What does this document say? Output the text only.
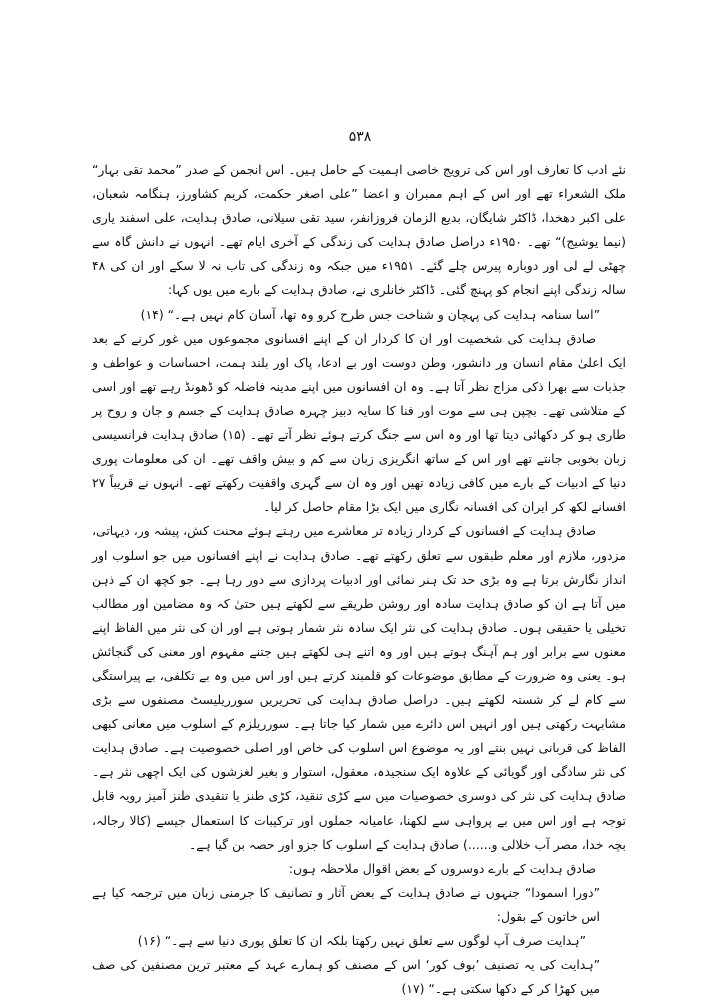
۵۳۸

نئے ادب کا تعارف اور اس کی ترویج خاصی اہمیت کے حامل ہیں۔ اس انجمن کے صدر ”محمد تقی بہار“ ملک الشعراء تھے اور اس کے اہم ممبران و اعضا ”علی اصغر حکمت، کریم کشاورز، ہنگامہ شعبان، علی اکبر دھخدا، ڈاکٹر شایگان، بدیع الزمان فروزانفر، سید تقی سیلانی، صادق ہدایت، علی اسفند یاری (نیما یوشیج)“ تھے۔ ۱۹۵۰ء دراصل صادق ہدایت کی زندگی کے آخری ایام تھے۔ انہوں نے دانش گاہ سے چھٹی لے لی اور دوبارہ پیرس چلے گئے۔ ۱۹۵۱ء میں جبکہ وہ زندگی کی تاب نہ لا سکے اور ان کی ۴۸ سالہ زندگی اپنے انجام کو پہنچ گئی۔ ڈاکٹر خانلری نے، صادق ہدایت کے بارے میں یوں کہا:

”اسا سنامہ ہدایت کی پہچان و شناخت جس طرح کرو وہ تھا، آسان کام نہیں ہے۔“ (۱۴)

صادق ہدایت کی شخصیت اور ان کا کردار ان کے اپنے افسانوی مجموعوں میں غور کرنے کے بعد ایک اعلیٰ مقام انسان ور دانشور، وطن دوست اور بے ادعا، پاک اور بلند ہمت، احساسات و عواطف و جذبات سے بھرا ذکی مزاج نظر آتا ہے۔ وہ ان افسانوں میں اپنے مدینہ فاضلہ کو ڈھونڈ رہے تھے اور اسی کے متلاشی تھے۔ بچپن ہی سے موت اور فنا کا سایہ دبیز چہرہ صادق ہدایت کے جسم و جان و روح پر طاری ہو کر دکھائی دیتا تھا اور وہ اس سے جنگ کرتے ہوئے نظر آتے تھے۔ (۱۵) صادق ہدایت فرانسیسی زبان بخوبی جانتے تھے اور اس کے ساتھ انگریزی زبان سے کم و بیش واقف تھے۔ ان کی معلومات پوری دنیا کے ادبیات کے بارے میں کافی زیادہ تھیں اور وہ ان سے گہری واقفیت رکھتے تھے۔ انہوں نے قریباً ۲۷ افسانے لکھ کر ایران کی افسانہ نگاری میں ایک بڑا مقام حاصل کر لیا۔

صادق ہدایت کے افسانوں کے کردار زیادہ تر معاشرے میں رہتے ہوئے محنت کش، پیشہ ور، دیہاتی، مزدور، ملازم اور معلم طبقوں سے تعلق رکھتے تھے۔ صادق ہدایت نے اپنے افسانوں میں جو اسلوب اور انداز نگارش برتا ہے وہ بڑی حد تک ہنر نمائی اور ادبیات پردازی سے دور رہا ہے۔ جو کچھ ان کے ذہن میں آتا ہے ان کو صادق ہدایت سادہ اور روشن طریقے سے لکھتے ہیں حتیٰ کہ وہ مضامین اور مطالب تخیلی یا حقیقی ہوں۔ صادق ہدایت کی نثر ایک سادہ نثر شمار ہوتی ہے اور ان کی نثر میں الفاظ اپنے معنوں سے برابر اور ہم آہنگ ہوتے ہیں اور وہ اتنے ہی لکھتے ہیں جتنے مفہوم اور معنی کی گنجائش ہو۔ یعنی وہ ضرورت کے مطابق موضوعات کو قلمبند کرتے ہیں اور اس میں وہ بے تکلفی، بے پیراستگی سے کام لے کر شستہ لکھتے ہیں۔ دراصل صادق ہدایت کی تحریریں سورریلیسٹ مصنفوں سے بڑی مشابہت رکھتی ہیں اور انہیں اس دائرے میں شمار کیا جاتا ہے۔ سورریلزم کے اسلوب میں معانی کبھی الفاظ کی قربانی نہیں بنتے اور یہ موضوع اس اسلوب کی خاص اور اصلی خصوصیت ہے۔ صادق ہدایت کی نثر سادگی اور گویائی کے علاوہ ایک سنجیدہ، معقول، استوار و بغیر لغزشوں کی ایک اچھی نثر ہے۔ صادق ہدایت کی نثر کی دوسری خصوصیات میں سے کڑی تنقید، کڑی طنز یا تنقیدی طنز آمیز رویہ قابل توجہ ہے اور اس میں بے پرواہی سے لکھنا، عامیانہ جملوں اور ترکیبات کا استعمال جیسے (کالا رجالہ، بچہ خدا، مصر آب خلالی و......) صادق ہدایت کے اسلوب کا جزو اور حصہ بن گیا ہے۔

صادق ہدایت کے بارے دوسروں کے بعض اقوال ملاحظہ ہوں:

”دورا اسمودا“ جنہوں نے صادق ہدایت کے بعض آثار و تصانیف کا جرمنی زبان میں ترجمہ کیا ہے اس خاتون کے بقول:

”ہدایت صرف آپ لوگوں سے تعلق نہیں رکھتا بلکہ ان کا تعلق پوری دنیا سے ہے۔“ (۱۶)

”ہدایت کی یہ تصنیف ’بوف کور‘ اس کے مصنف کو ہمارے عہد کے معتبر ترین مصنفین کی صف میں کھڑا کر کے دکھا سکتی ہے۔“ (۱۷)
